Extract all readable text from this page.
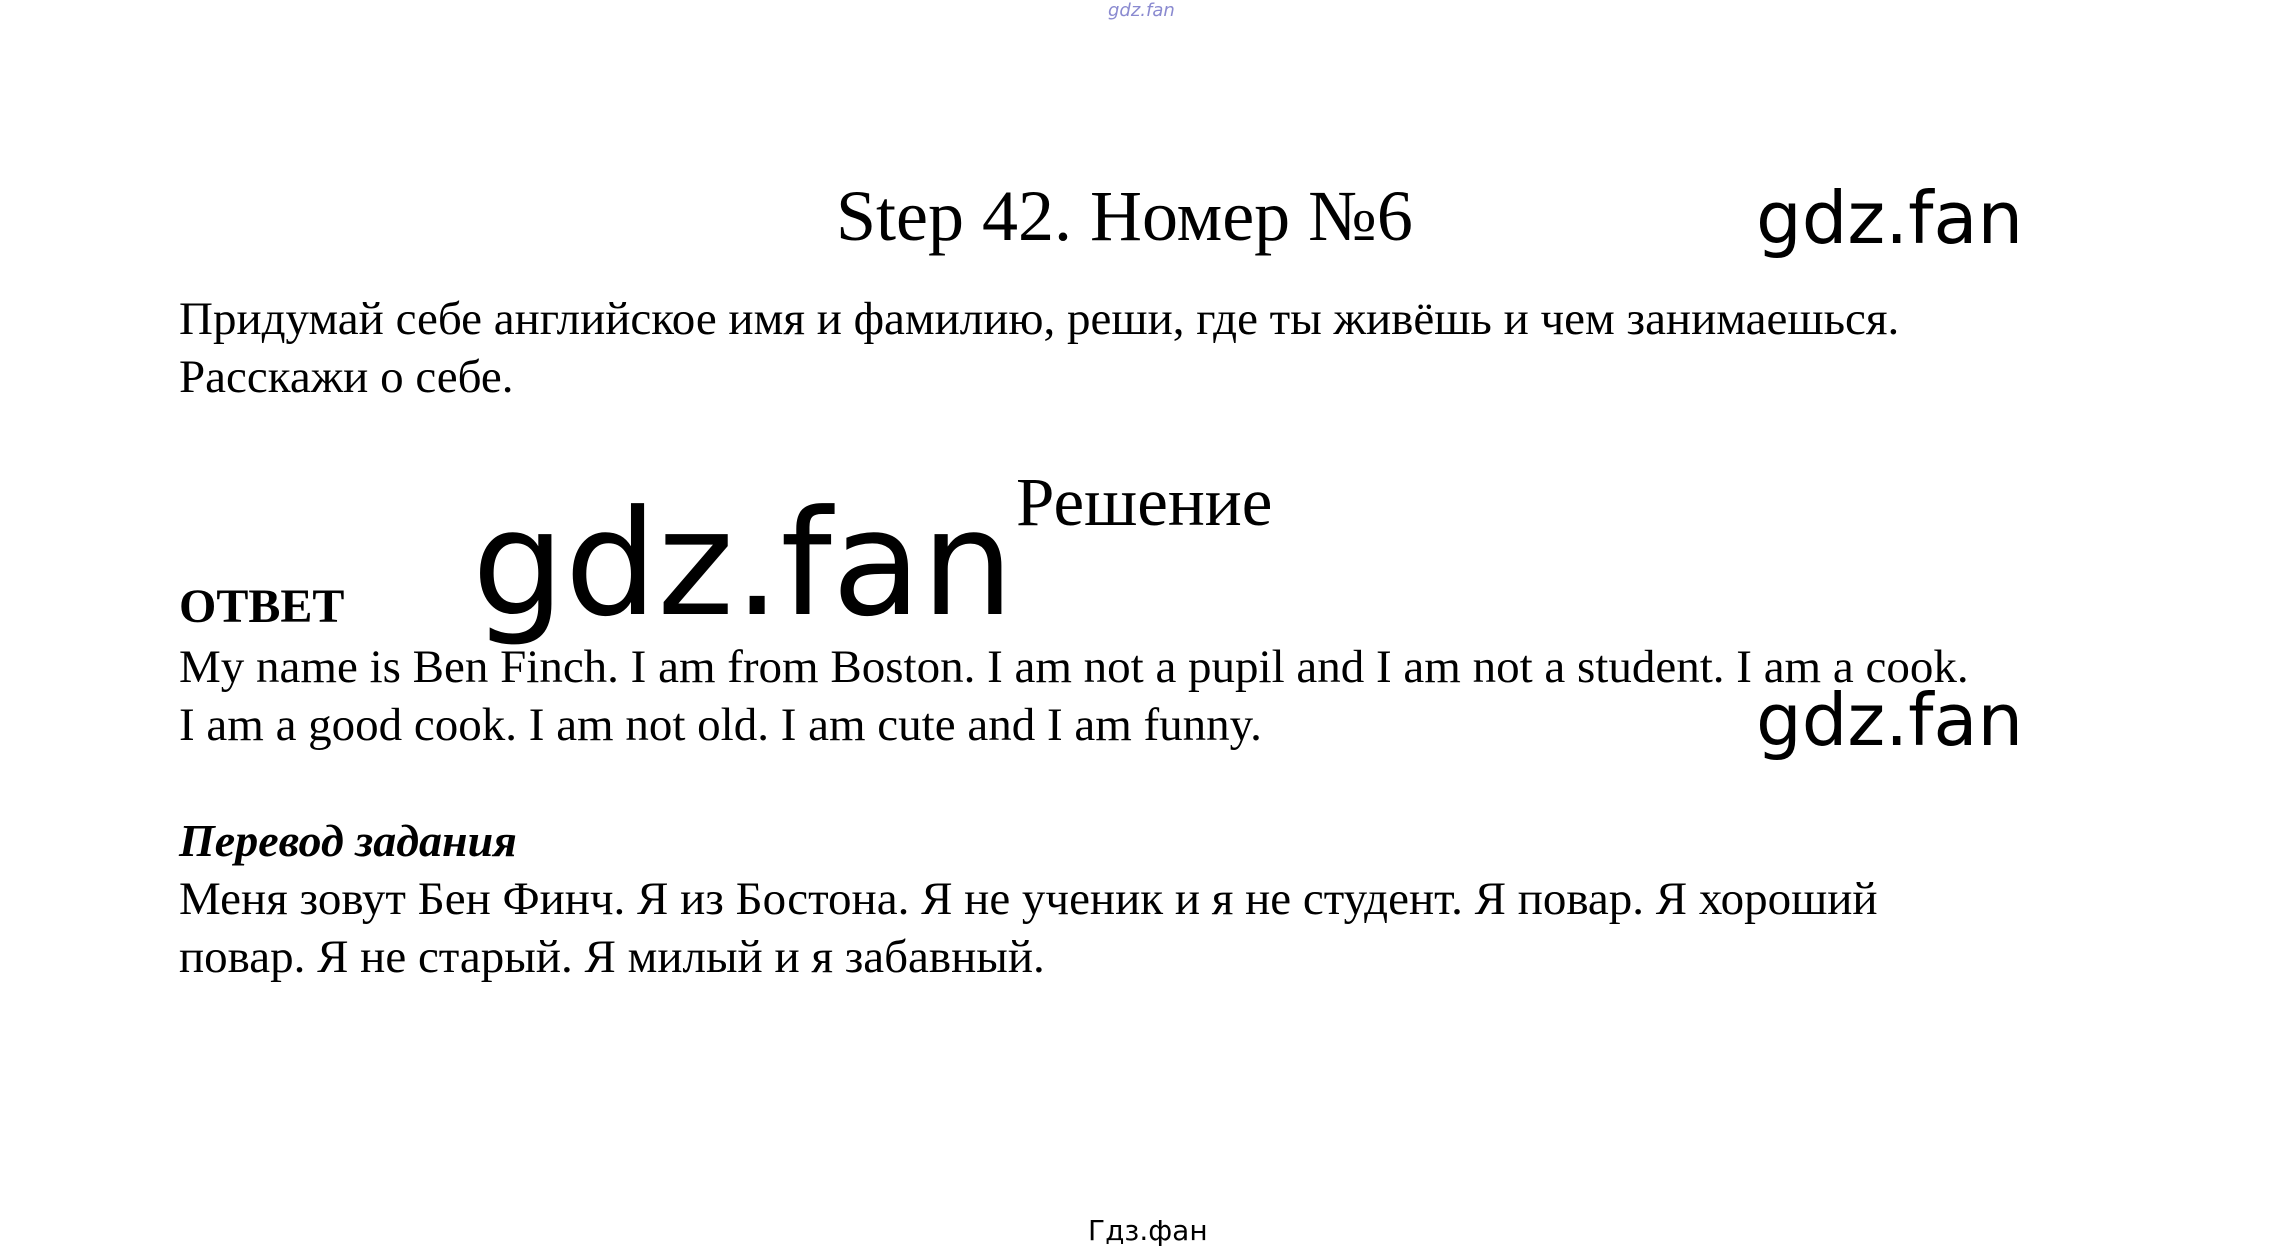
gdz.fan
Step 42. Номер №6	gdz.fan
Придумай себе английское имя и фамилию, реши, где ты живёшь и чем занимаешься.
Расскажи о себе.
Решение
gdz.fan
ОТВЕТ
My name is Ben Finch. I am from Boston. I am not a pupil and I am not a student. I am a cook.
I am a good cook. I am not old. I am cute and I am funny.	gdz.fan
Перевод задания
Меня зовут Бен Финч. Я из Бостона. Я не ученик и я не студент. Я повар. Я хороший
повар. Я не старый. Я милый и я забавный.
Гдз.фан
